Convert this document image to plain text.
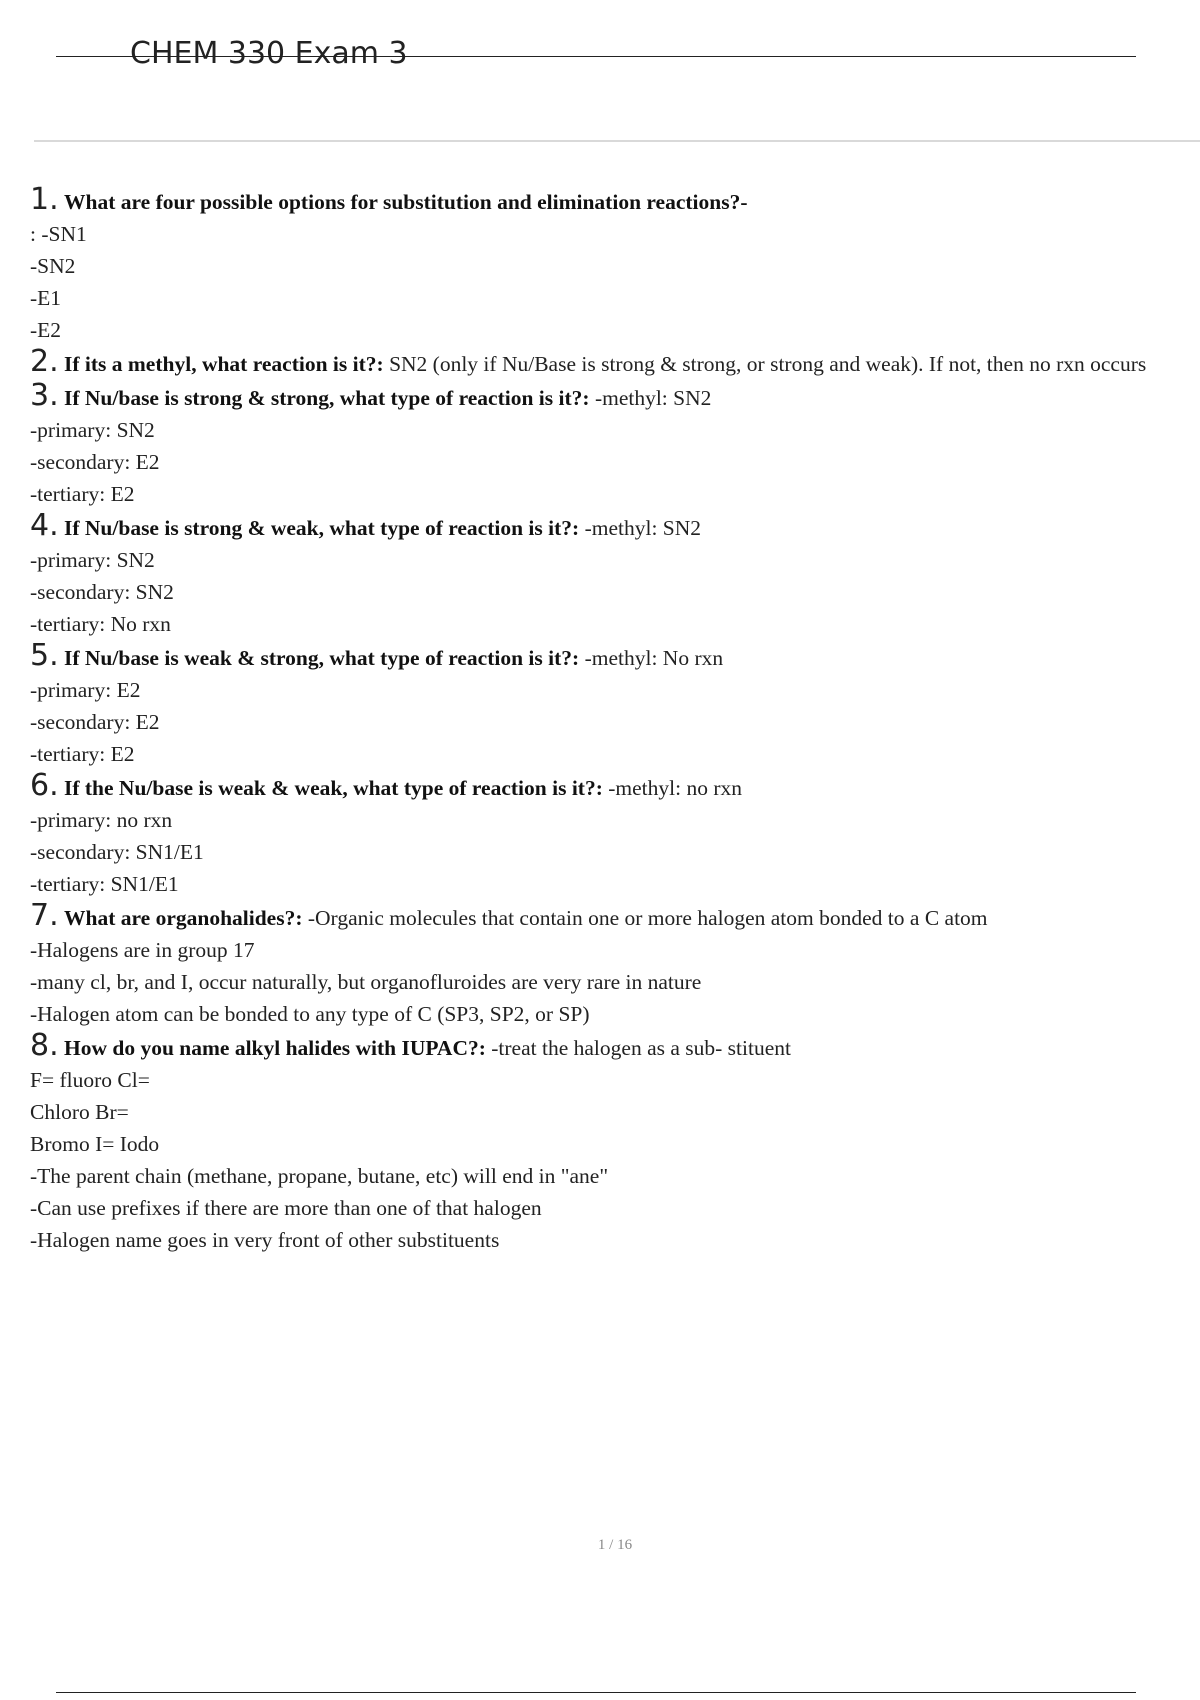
CHEM 330 Exam 3

1. What are four possible options for substitution and elimination reactions?-

: -SN1

-SN2

-E1

-E2

2. If its a methyl, what reaction is it?: SN2 (only if Nu/Base is strong & strong, or strong and weak). If not, then no rxn occurs

3. If Nu/base is strong & strong, what type of reaction is it?: -methyl: SN2

-primary: SN2

-secondary: E2

-tertiary: E2

4. If Nu/base is strong & weak, what type of reaction is it?: -methyl: SN2

-primary: SN2

-secondary: SN2

-tertiary: No rxn

5. If Nu/base is weak & strong, what type of reaction is it?: -methyl: No rxn

-primary: E2

-secondary: E2

-tertiary: E2

6. If the Nu/base is weak & weak, what type of reaction is it?: -methyl: no rxn

-primary: no rxn

-secondary: SN1/E1

-tertiary: SN1/E1

7. What are organohalides?: -Organic molecules that contain one or more halogen atom bonded to a C atom

-Halogens are in group 17

-many cl, br, and I, occur naturally, but organofluroides are very rare in nature

-Halogen atom can be bonded to any type of C (SP3, SP2, or SP)

8. How do you name alkyl halides with IUPAC?: -treat the halogen as a sub- stituent

F= fluoro Cl=

Chloro Br=

Bromo I= Iodo

-The parent chain (methane, propane, butane, etc) will end in "ane"

-Can use prefixes if there are more than one of that halogen

-Halogen name goes in very front of other substituents

1 / 16
